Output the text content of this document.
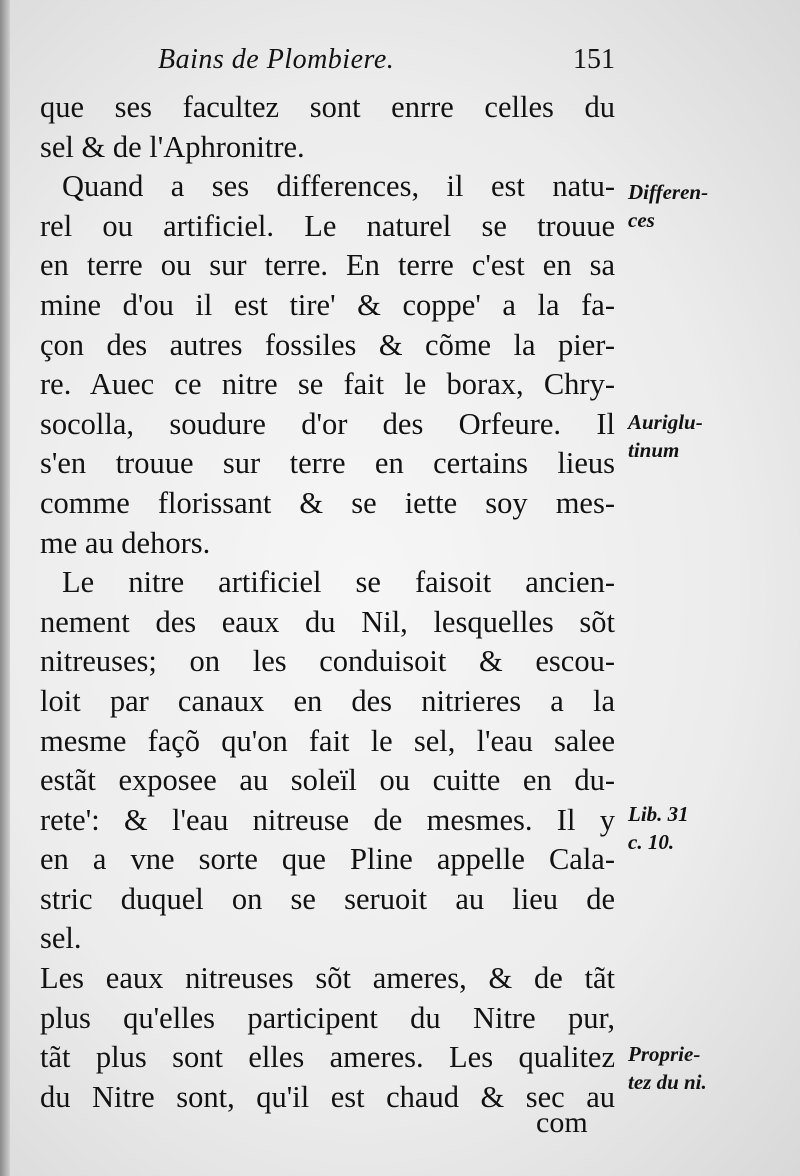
Bains de Plombiere.	151
que ses facultez sont enrre celles du
sel & de l'Aphronitre.
Quand a ses differences, il est natu-
rel ou artificiel. Le naturel se trouue
en terre ou sur terre. En terre c'est en sa
mine d'ou il est tire' & coppe' a la fa-
çon des autres fossiles & cõme la pier-
re. Auec ce nitre se fait le borax, Chry-
socolla, soudure d'or des Orfeure. Il
s'en trouue sur terre en certains lieus
comme florissant & se iette soy mes-
me au dehors.
Le nitre artificiel se faisoit ancien-
nement des eaux du Nil, lesquelles sõt
nitreuses; on les conduisoit & escou-
loit par canaux en des nitrieres a la
mesme façõ qu'on fait le sel, l'eau salee
estãt exposee au soleïl ou cuitte en du-
rete': & l'eau nitreuse de mesmes. Il y
en a vne sorte que Pline appelle Cala-
stric duquel on se seruoit au lieu de
sel.
Les eaux nitreuses sõt ameres, & de tãt
plus qu'elles participent du Nitre pur,
tãt plus sont elles ameres. Les qualitez
du Nitre sont, qu'il est chaud & sec au
Differen-
ces
Auriglu-
tinum
Lib. 31
c. 10.
Proprie-
tez du ni.
com
